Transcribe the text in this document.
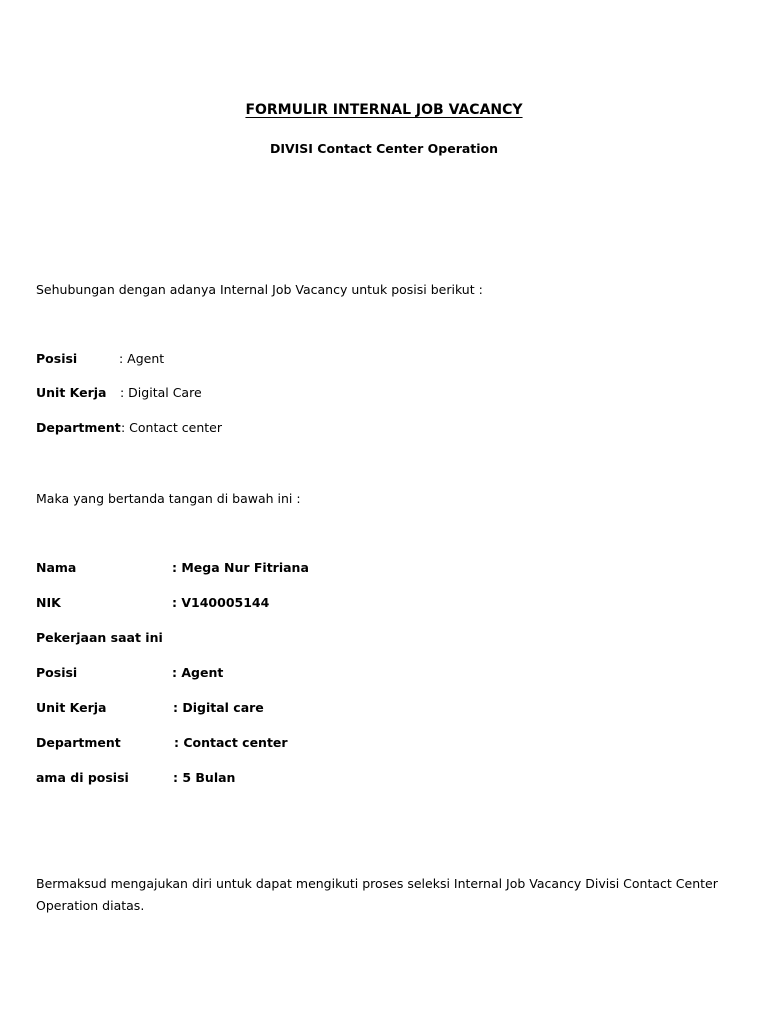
FORMULIR INTERNAL JOB VACANCY
DIVISI Contact Center Operation
Sehubungan dengan adanya Internal Job Vacancy untuk posisi berikut :
Posisi	: Agent
Unit Kerja : Digital Care
Department : Contact center
Maka yang bertanda tangan di bawah ini :
Nama	: Mega Nur Fitriana
NIK	: V140005144
Pekerjaan saat ini
Posisi	: Agent
Unit Kerja	: Digital care
Department	: Contact center
ama di posisi	: 5 Bulan
Bermaksud mengajukan diri untuk dapat mengikuti proses seleksi Internal Job Vacancy Divisi Contact Center Operation diatas.
